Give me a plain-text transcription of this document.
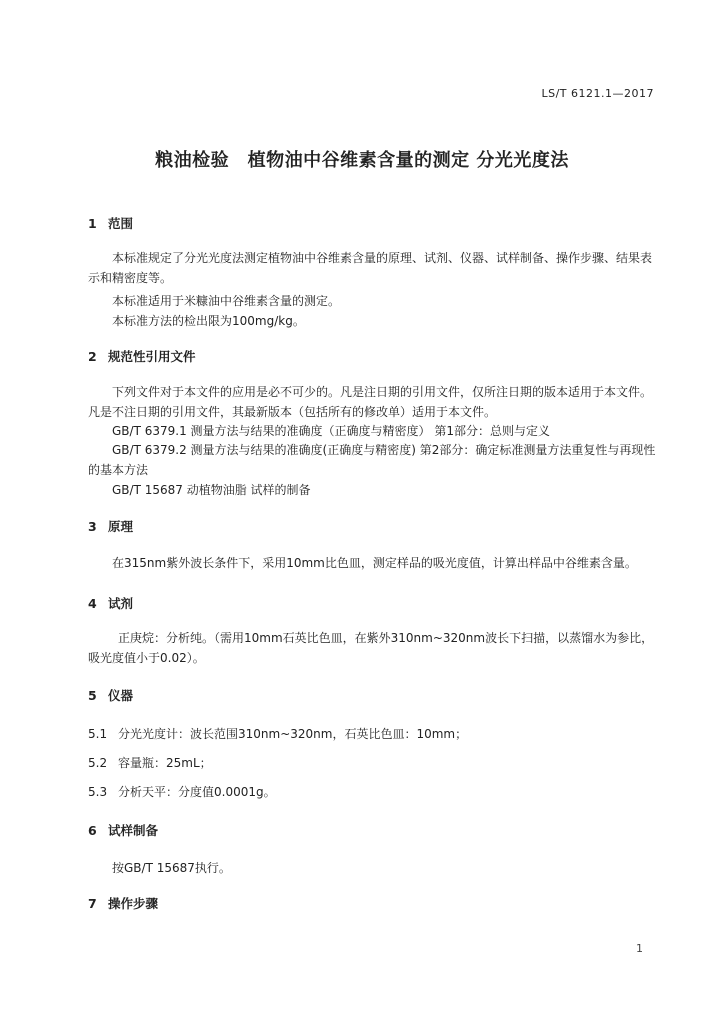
LS/T 6121.1—2017
粮油检验　植物油中谷维素含量的测定 分光光度法
1 范围
本标准规定了分光光度法测定植物油中谷维素含量的原理、试剂、仪器、试样制备、操作步骤、结果表示和精密度等。
本标准适用于米糠油中谷维素含量的测定。
本标准方法的检出限为100mg/kg。
2 规范性引用文件
下列文件对于本文件的应用是必不可少的。凡是注日期的引用文件，仅所注日期的版本适用于本文件。凡是不注日期的引用文件，其最新版本（包括所有的修改单）适用于本文件。
GB/T 6379.1 测量方法与结果的准确度（正确度与精密度） 第1部分：总则与定义
GB/T 6379.2 测量方法与结果的准确度(正确度与精密度) 第2部分：确定标准测量方法重复性与再现性的基本方法
GB/T 15687 动植物油脂 试样的制备
3 原理
在315nm紫外波长条件下，采用10mm比色皿，测定样品的吸光度值，计算出样品中谷维素含量。
4 试剂
正庚烷：分析纯。（需用10mm石英比色皿，在紫外310nm~320nm波长下扫描，以蒸馏水为参比，吸光度值小于0.02）。
5 仪器
5.1 分光光度计：波长范围310nm~320nm，石英比色皿：10mm；
5.2 容量瓶：25mL；
5.3 分析天平：分度值0.0001g。
6 试样制备
按GB/T 15687执行。
7 操作步骤
1
